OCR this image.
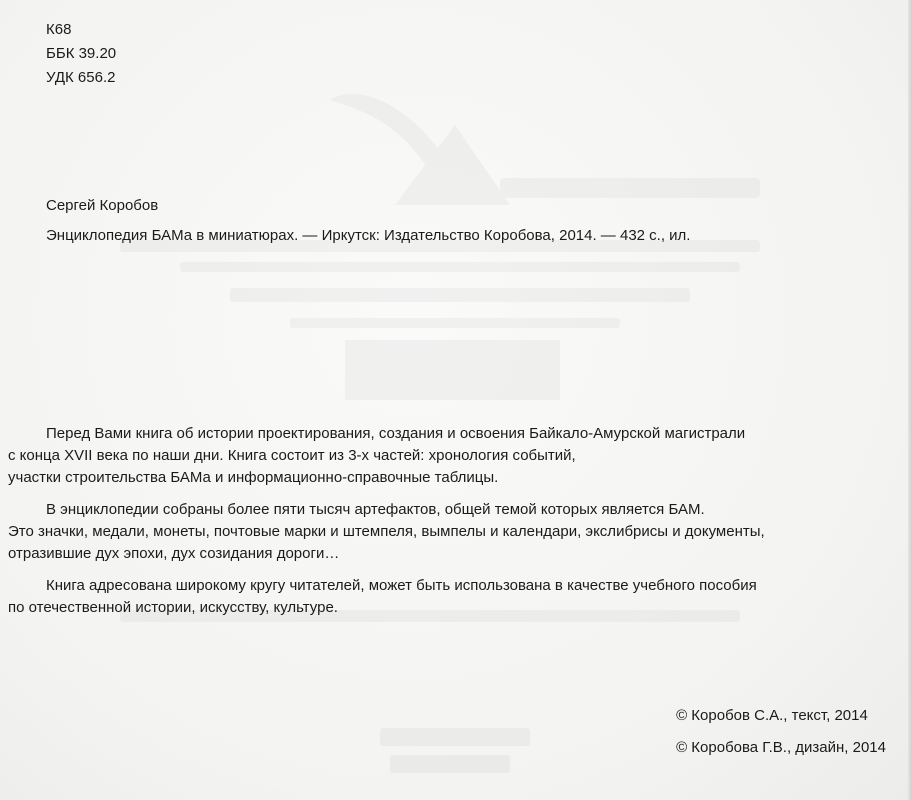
К68
ББК 39.20
УДК 656.2
Сергей Коробов
Энциклопедия БАМа в миниатюрах. — Иркутск: Издательство Коробова, 2014. — 432 с., ил.

Перед Вами книга об истории проектирования, создания и освоения Байкало-Амурской магистрали
с конца XVII века по наши дни. Книга состоит из 3-х частей: хронология событий,
участки строительства БАМа и информационно-справочные таблицы.

В энциклопедии собраны более пяти тысяч артефактов, общей темой которых является БАМ.
Это значки, медали, монеты, почтовые марки и штемпеля, вымпелы и календари, экслибрисы и документы,
отразившие дух эпохи, дух созидания дороги…

Книга адресована широкому кругу читателей, может быть использована в качестве учебного пособия
по отечественной истории, искусству, культуре.

© Коробов С.А., текст, 2014
© Коробова Г.В., дизайн, 2014
